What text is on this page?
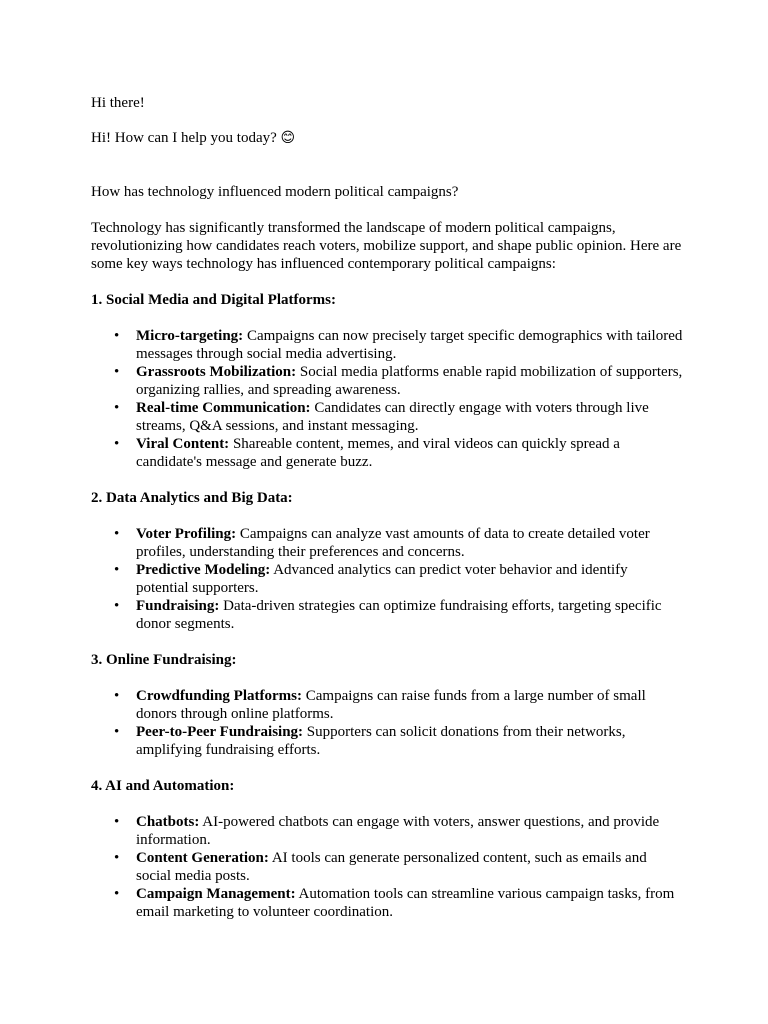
Hi there!

Hi! How can I help you today? 😊

How has technology influenced modern political campaigns?

Technology has significantly transformed the landscape of modern political campaigns, revolutionizing how candidates reach voters, mobilize support, and shape public opinion. Here are some key ways technology has influenced contemporary political campaigns:

1. Social Media and Digital Platforms:

• Micro-targeting: Campaigns can now precisely target specific demographics with tailored messages through social media advertising.
• Grassroots Mobilization: Social media platforms enable rapid mobilization of supporters, organizing rallies, and spreading awareness.
• Real-time Communication: Candidates can directly engage with voters through live streams, Q&A sessions, and instant messaging.
• Viral Content: Shareable content, memes, and viral videos can quickly spread a candidate's message and generate buzz.

2. Data Analytics and Big Data:

• Voter Profiling: Campaigns can analyze vast amounts of data to create detailed voter profiles, understanding their preferences and concerns.
• Predictive Modeling: Advanced analytics can predict voter behavior and identify potential supporters.
• Fundraising: Data-driven strategies can optimize fundraising efforts, targeting specific donor segments.

3. Online Fundraising:

• Crowdfunding Platforms: Campaigns can raise funds from a large number of small donors through online platforms.
• Peer-to-Peer Fundraising: Supporters can solicit donations from their networks, amplifying fundraising efforts.

4. AI and Automation:

• Chatbots: AI-powered chatbots can engage with voters, answer questions, and provide information.
• Content Generation: AI tools can generate personalized content, such as emails and social media posts.
• Campaign Management: Automation tools can streamline various campaign tasks, from email marketing to volunteer coordination.
